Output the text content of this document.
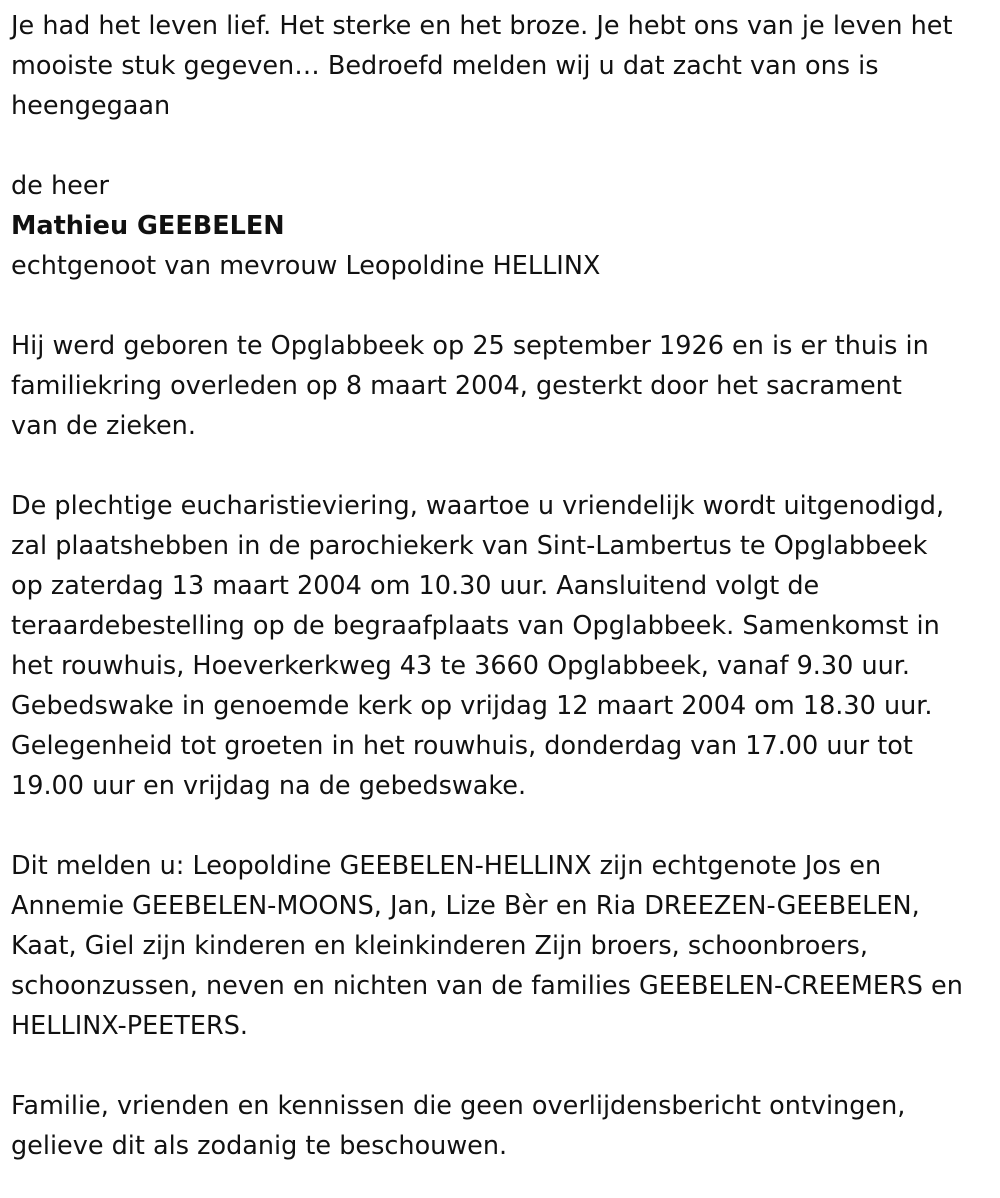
Je had het leven lief. Het sterke en het broze. Je hebt ons van je leven het
mooiste stuk gegeven… Bedroefd melden wij u dat zacht van ons is
heengegaan

de heer

Mathieu GEEBELEN

echtgenoot van mevrouw Leopoldine HELLINX

Hij werd geboren te Opglabbeek op 25 september 1926 en is er thuis in
familiekring overleden op 8 maart 2004, gesterkt door het sacrament
van de zieken.

De plechtige eucharistieviering, waartoe u vriendelijk wordt uitgenodigd,
zal plaatshebben in de parochiekerk van Sint-Lambertus te Opglabbeek
op zaterdag 13 maart 2004 om 10.30 uur. Aansluitend volgt de
teraardebestelling op de begraafplaats van Opglabbeek. Samenkomst in
het rouwhuis, Hoeverkerkweg 43 te 3660 Opglabbeek, vanaf 9.30 uur.
Gebedswake in genoemde kerk op vrijdag 12 maart 2004 om 18.30 uur.
Gelegenheid tot groeten in het rouwhuis, donderdag van 17.00 uur tot
19.00 uur en vrijdag na de gebedswake.

Dit melden u: Leopoldine GEEBELEN-HELLINX zijn echtgenote Jos en
Annemie GEEBELEN-MOONS, Jan, Lize Bèr en Ria DREEZEN-GEEBELEN,
Kaat, Giel zijn kinderen en kleinkinderen Zijn broers, schoonbroers,
schoonzussen, neven en nichten van de families GEEBELEN-CREEMERS en
HELLINX-PEETERS.

Familie, vrienden en kennissen die geen overlijdensbericht ontvingen,
gelieve dit als zodanig te beschouwen.
